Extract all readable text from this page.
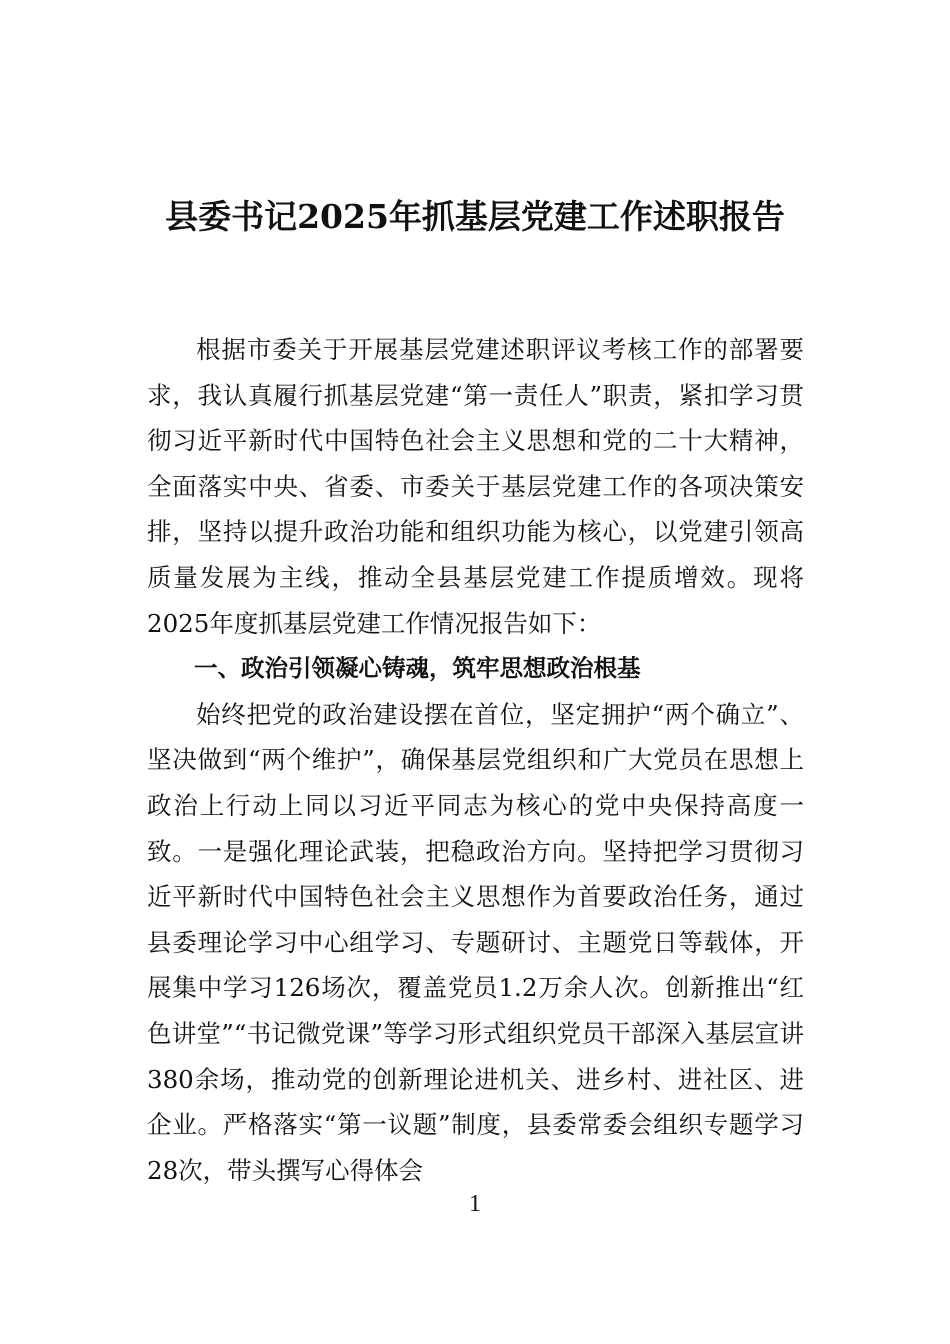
县委书记2025年抓基层党建工作述职报告

根据市委关于开展基层党建述职评议考核工作的部署要求，我认真履行抓基层党建“第一责任人”职责，紧扣学习贯彻习近平新时代中国特色社会主义思想和党的二十大精神，全面落实中央、省委、市委关于基层党建工作的各项决策安排，坚持以提升政治功能和组织功能为核心，以党建引领高质量发展为主线，推动全县基层党建工作提质增效。现将2025年度抓基层党建工作情况报告如下：

一、政治引领凝心铸魂，筑牢思想政治根基

始终把党的政治建设摆在首位，坚定拥护“两个确立”、坚决做到“两个维护”，确保基层党组织和广大党员在思想上政治上行动上同以习近平同志为核心的党中央保持高度一致。一是强化理论武装，把稳政治方向。坚持把学习贯彻习近平新时代中国特色社会主义思想作为首要政治任务，通过县委理论学习中心组学习、专题研讨、主题党日等载体，开展集中学习126场次，覆盖党员1.2万余人次。创新推出“红色讲堂”“书记微党课”等学习形式组织党员干部深入基层宣讲380余场，推动党的创新理论进机关、进乡村、进社区、进企业。严格落实“第一议题”制度，县委常委会组织专题学习28次，带头撰写心得体会

1
